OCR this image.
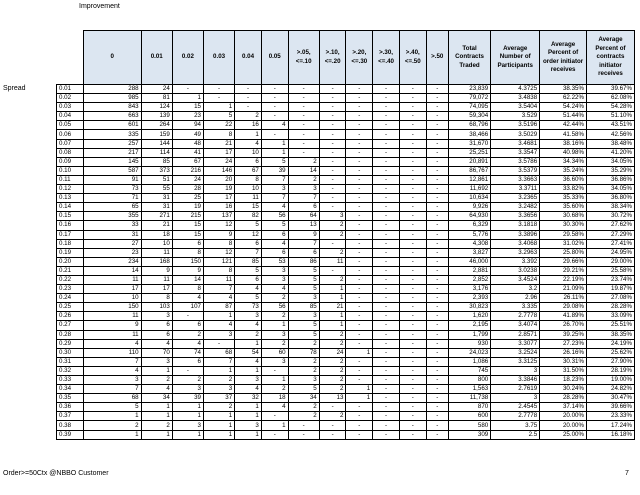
Improvement
Spread
	0	0.01	0.02	0.03	0.04	0.05	>.05, <=.10	>.10, <=.20	>.20, <=.30	>.30, <=.40	>.40, <=.50	>.50	Total Contracts Traded	Average Number of Participants	Average Percent of order initiator receives	Average Percent of contracts initiator receives
0.01	288	24	-	-	-	-	-	-	-	-	-	-	23,839	4.3725	38.35%	39.67%
0.02	985	81	1	-	-	-	-	-	-	-	-	-	79,072	3.4838	62.22%	62.08%
0.03	843	124	15	1	-	-	-	-	-	-	-	-	74,095	3.5404	54.24%	54.28%
0.04	663	139	23	5	2	-	-	-	-	-	-	-	59,304	3.529	51.44%	51.10%
0.05	601	264	94	22	16	4	-	-	-	-	-	-	68,796	3.5196	42.44%	43.51%
0.06	335	159	49	8	1	-	-	-	-	-	-	-	38,466	3.5029	41.58%	42.56%
0.07	257	144	48	21	4	1	-	-	-	-	-	-	31,670	3.4681	38.16%	38.48%
0.08	217	114	41	17	10	1	-	-	-	-	-	-	25,251	3.3547	40.98%	41.20%
0.09	145	85	67	24	6	5	2	-	-	-	-	-	20,891	3.5786	34.34%	34.05%
0.10	587	373	216	146	67	39	14	-	-	-	-	-	86,767	3.5379	35.24%	35.29%
0.11	91	51	24	20	8	7	2	-	-	-	-	-	12,861	3.3663	36.60%	36.86%
0.12	73	55	28	19	10	3	3	-	-	-	-	-	11,692	3.3711	33.82%	34.05%
0.13	71	31	25	17	11	7	7	-	-	-	-	-	10,634	3.2365	35.33%	36.80%
0.14	65	31	19	16	15	4	6	-	-	-	-	-	9,926	3.2482	35.60%	38.34%
0.15	355	271	215	137	82	56	64	3	-	-	-	-	64,930	3.3656	30.68%	30.72%
0.16	33	21	15	12	5	5	13	2	-	-	-	-	6,329	3.1818	30.30%	27.62%
0.17	31	18	15	9	12	6	9	2	-	-	-	-	5,776	3.3896	29.58%	27.29%
0.18	27	10	6	8	6	4	7	-	-	-	-	-	4,308	3.4068	31.02%	27.41%
0.19	23	11	8	12	7	6	6	2	-	-	-	-	3,827	3.2963	25.80%	24.95%
0.20	234	168	150	121	85	53	86	11	-	-	-	-	46,000	3.392	29.66%	29.00%
0.21	14	9	9	8	5	3	5	-	-	-	-	-	2,881	3.0238	29.21%	25.58%
0.22	11	11	14	11	6	3	5	2	-	-	-	-	2,852	3.4524	22.19%	23.74%
0.23	17	17	8	7	4	4	5	1	-	-	-	-	3,176	3.2	21.09%	19.87%
0.24	10	8	4	4	5	2	3	1	-	-	-	-	2,393	2.96	26.11%	27.08%
0.25	150	103	107	87	73	56	85	21	-	-	-	-	30,823	3.335	29.08%	28.28%
0.26	11	3	-	1	3	2	3	1	-	-	-	-	1,620	2.7778	41.89%	33.09%
0.27	9	6	6	4	4	1	5	1	-	-	-	-	2,195	3.4074	26.70%	25.51%
0.28	11	6	2	3	2	3	5	2	-	-	-	-	1,799	2.8571	39.25%	38.35%
0.29	4	4	4	-	1	2	2	2	-	-	-	-	930	3.3077	27.23%	24.19%
0.30	110	70	74	68	54	60	78	24	1	-	-	-	24,023	3.2524	26.16%	25.62%
0.31	7	3	6	7	4	3	2	2	-	-	-	-	1,086	3.3125	30.31%	27.90%
0.32	4	1	-	1	1	-	2	2	-	-	-	-	745	3	31.50%	28.19%
0.33	3	2	2	2	3	1	3	2	-	-	-	-	800	3.3846	18.23%	19.00%
0.34	7	4	3	3	4	2	5	2	1	-	-	-	1,563	2.7619	30.24%	24.82%
0.35	68	34	39	37	32	18	34	13	1	-	-	-	11,738	3	28.28%	30.47%
0.36	5	1	1	2	1	4	2	-	-	-	-	-	870	2.4545	37.14%	39.66%
0.37	1	1	1	1	1	-	2	2	-	-	-	-	600	2.7778	20.00%	23.33%
0.38	2	2	3	1	3	1	-	-	-	-	-	-	580	3.75	20.00%	17.24%
0.39	1	1	1	1	1	-	-	-	-	-	-	-	309	2.5	25.00%	16.18%
Order>=50Ctx @NBBO Customer	7
